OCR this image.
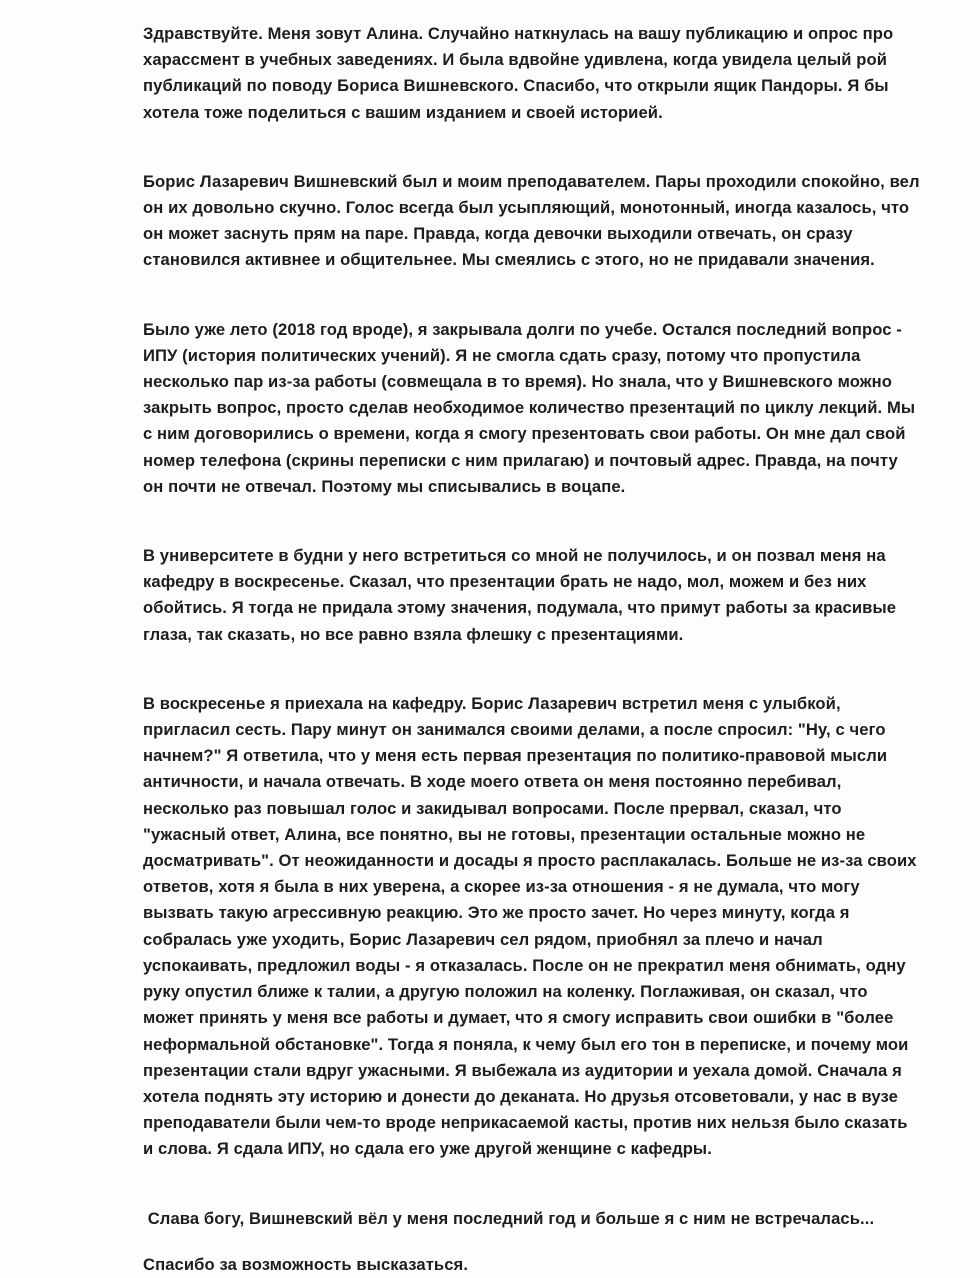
Здравствуйте. Меня зовут Алина. Случайно наткнулась на вашу публикацию и опрос про харассмент в учебных заведениях. И была вдвойне удивлена, когда увидела целый рой публикаций по поводу Бориса Вишневского. Спасибо, что открыли ящик Пандоры. Я бы хотела тоже поделиться с вашим изданием и своей историей.

Борис Лазаревич Вишневский был и моим преподавателем. Пары проходили спокойно, вел он их довольно скучно. Голос всегда был усыпляющий, монотонный, иногда казалось, что он может заснуть прям на паре. Правда, когда девочки выходили отвечать, он сразу становился активнее и общительнее. Мы смеялись с этого, но не придавали значения.

Было уже лето (2018 год вроде), я закрывала долги по учебе. Остался последний вопрос - ИПУ (история политических учений). Я не смогла сдать сразу, потому что пропустила несколько пар из-за работы (совмещала в то время). Но знала, что у Вишневского можно закрыть вопрос, просто сделав необходимое количество презентаций по циклу лекций. Мы с ним договорились о времени, когда я смогу презентовать свои работы. Он мне дал свой номер телефона (скрины переписки с ним прилагаю) и почтовый адрес. Правда, на почту он почти не отвечал. Поэтому мы списывались в воцапе.

В университете в будни у него встретиться со мной не получилось, и он позвал меня на кафедру в воскресенье. Сказал, что презентации брать не надо, мол, можем и без них обойтись. Я тогда не придала этому значения, подумала, что примут работы за красивые глаза, так сказать, но все равно взяла флешку с презентациями.

В воскресенье я приехала на кафедру. Борис Лазаревич встретил меня с улыбкой, пригласил сесть. Пару минут он занимался своими делами, а после спросил: "Ну, с чего начнем?" Я ответила, что у меня есть первая презентация по политико-правовой мысли античности, и начала отвечать. В ходе моего ответа он меня постоянно перебивал, несколько раз повышал голос и закидывал вопросами. После прервал, сказал, что "ужасный ответ, Алина, все понятно, вы не готовы, презентации остальные можно не досматривать". От неожиданности и досады я просто расплакалась. Больше не из-за своих ответов, хотя я была в них уверена, а скорее из-за отношения - я не думала, что могу вызвать такую агрессивную реакцию. Это же просто зачет. Но через минуту, когда я собралась уже уходить, Борис Лазаревич сел рядом, приобнял за плечо и начал успокаивать, предложил воды - я отказалась. После он не прекратил меня обнимать, одну руку опустил ближе к талии, а другую положил на коленку. Поглаживая, он сказал, что может принять у меня все работы и думает, что я смогу исправить свои ошибки в "более неформальной обстановке". Тогда я поняла, к чему был его тон в переписке, и почему мои презентации стали вдруг ужасными. Я выбежала из аудитории и уехала домой. Сначала я хотела поднять эту историю и донести до деканата. Но друзья отсоветовали, у нас в вузе преподаватели были чем-то вроде неприкасаемой касты, против них нельзя было сказать и слова. Я сдала ИПУ, но сдала его уже другой женщине с кафедры.

Слава богу, Вишневский вёл у меня последний год и больше я с ним не встречалась...

Спасибо за возможность высказаться.
